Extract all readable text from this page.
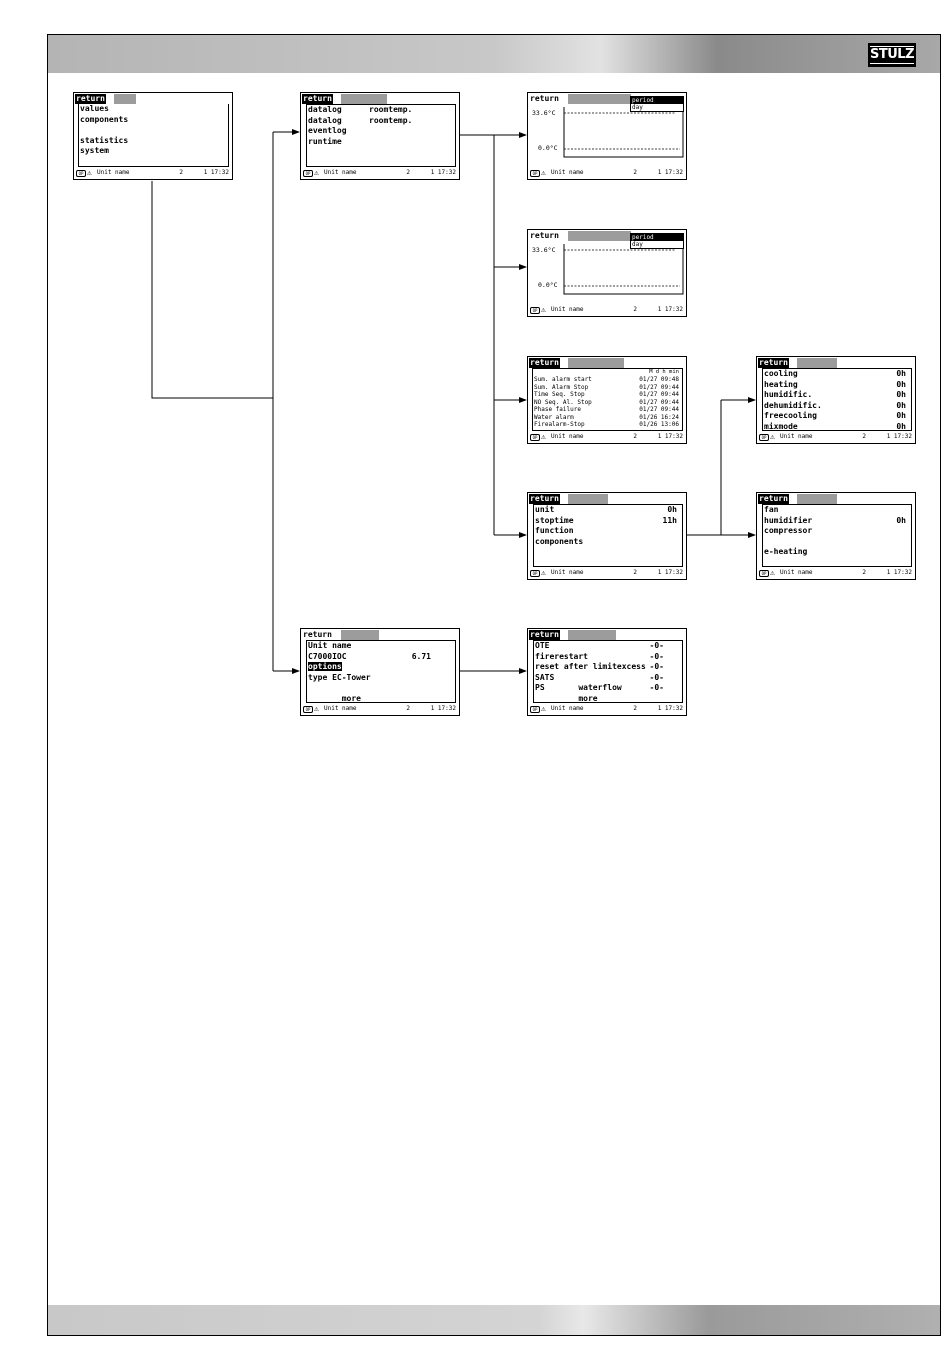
STULZ
return
values
components
statistics
system
OP ⚠ Unit name	2	1 17:32
return
datalog	roomtemp.
datalog	roomtemp.
eventlog
runtime
OP ⚠ Unit name	2	1 17:32
return
33.6°C
0.0°C
period
day
OP ⚠ Unit name	2	1 17:32
return
33.6°C
0.0°C
period
day
OP ⚠ Unit name	2	1 17:32
return
M d h min
Sum. alarm start	01/27 09:48
Sum. Alarm Stop	01/27 09:44
Time Seq. Stop	01/27 09:44
NO Seq. Al. Stop	01/27 09:44
Phase failure	01/27 09:44
Water alarm	01/26 16:24
Firealarm-Stop	01/26 13:06
OP ⚠ Unit name	2	1 17:32
return
unit	0h
stoptime	11h
function
components
OP ⚠ Unit name	2	1 17:32
return
cooling	0h
heating	0h
humidific.	0h
dehumidific.	0h
freecooling	0h
mixmode	0h
OP ⚠ Unit name	2	1 17:32
return
fan
humidifier	0h
compressor
e-heating
OP ⚠ Unit name	2	1 17:32
return
Unit name
C7000IOC	6.71
options
type EC-Tower
more
OP ⚠ Unit name	2	1 17:32
return
OTE	-0-
firerestart	-0-
reset after limitexcess -0-
SATS	-0-
PS       waterflow	-0-
more
OP ⚠ Unit name	2	1 17:32
